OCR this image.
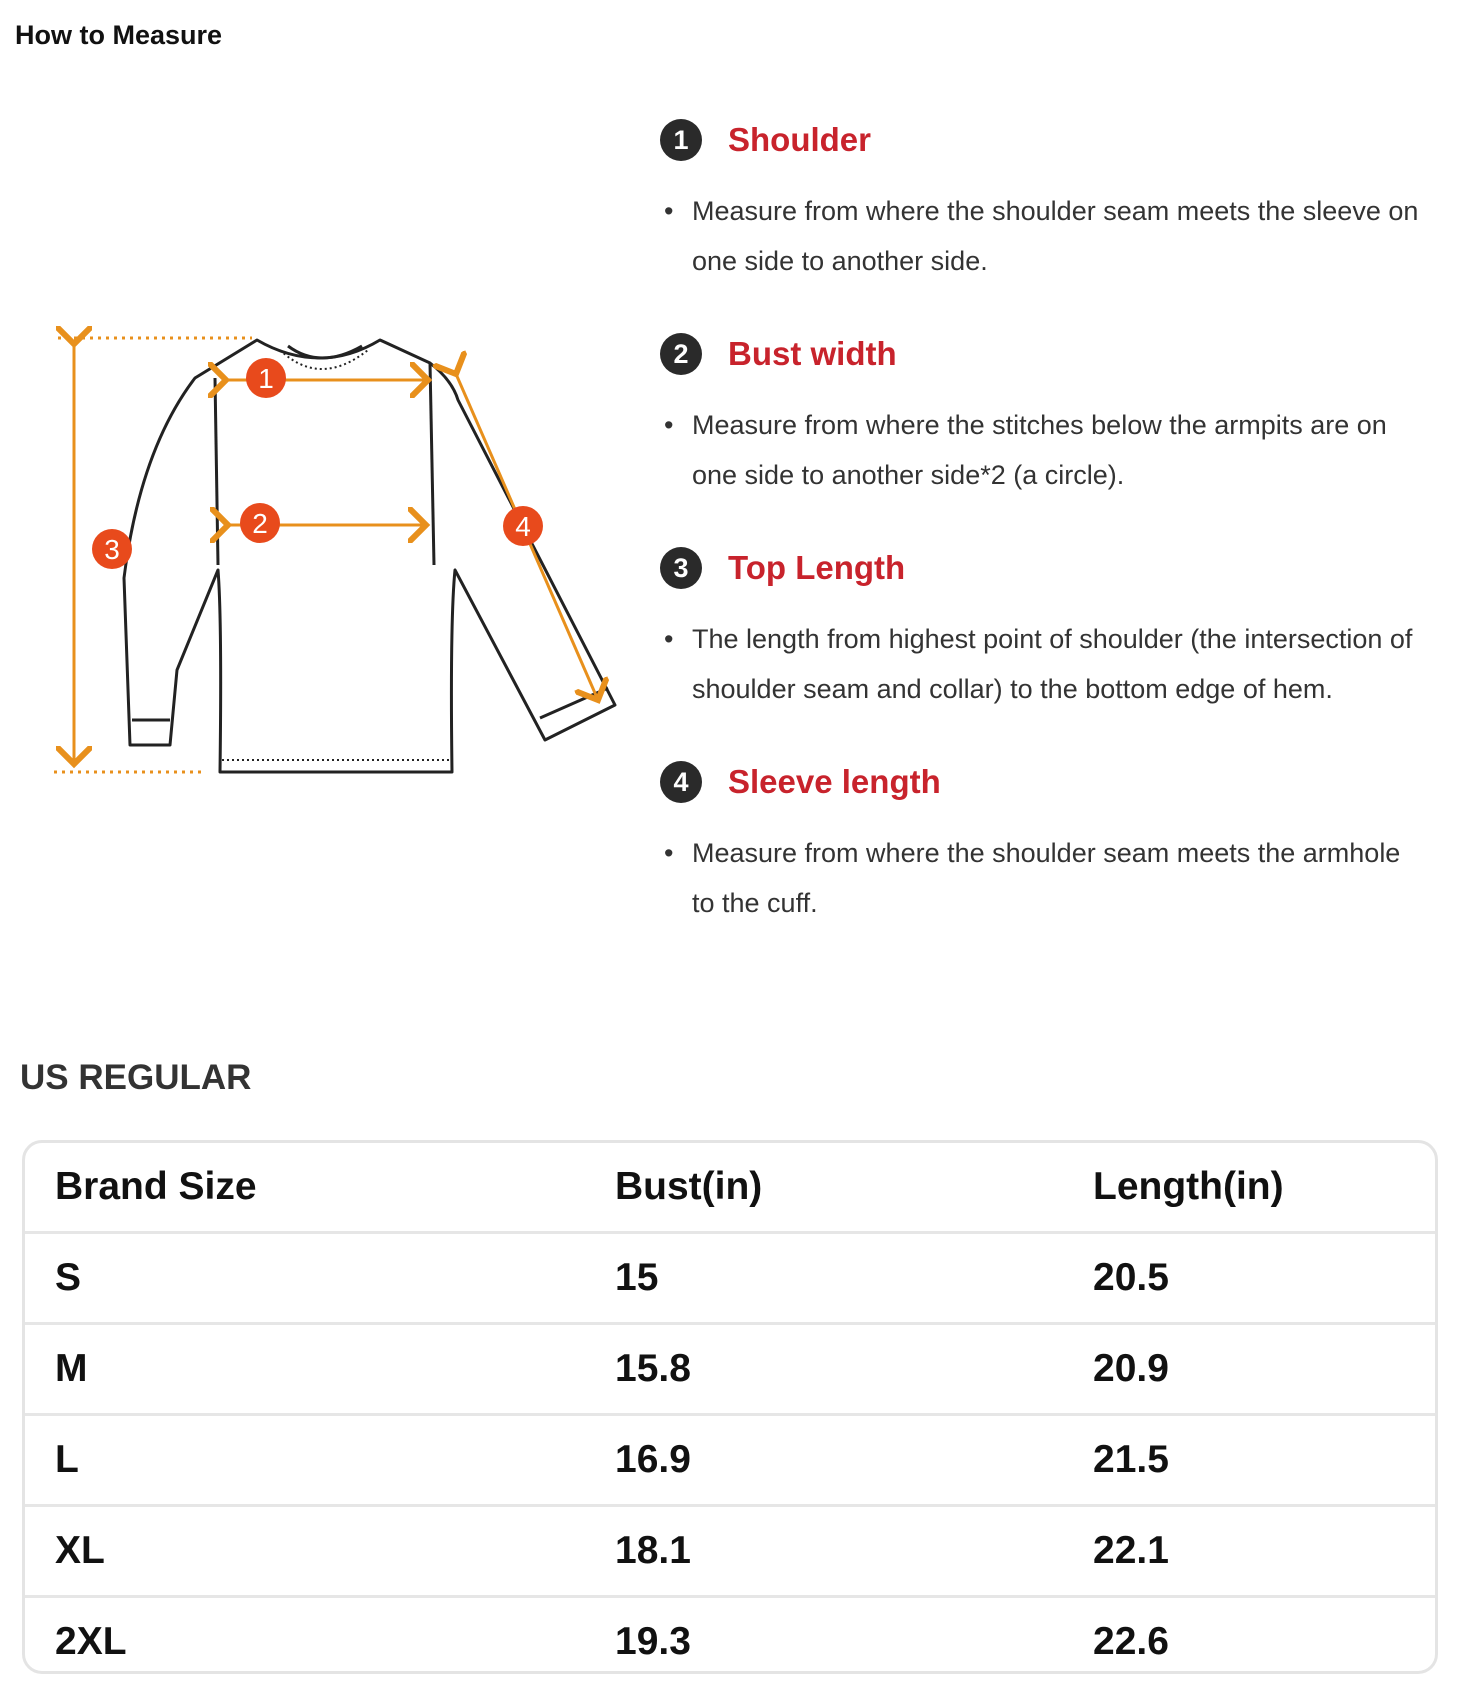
How to Measure
1
2
3
4
1	Shoulder
• Measure from where the shoulder seam meets the sleeve on one side to another side.
2	Bust width
• Measure from where the stitches below the armpits are on one side to another side*2 (a circle).
3	Top Length
• The length from highest point of shoulder (the intersection of shoulder seam and collar) to the bottom edge of hem.
4	Sleeve length
• Measure from where the shoulder seam meets the armhole to the cuff.
US REGULAR
Brand Size	Bust(in)	Length(in)
S	15	20.5
M	15.8	20.9
L	16.9	21.5
XL	18.1	22.1
2XL	19.3	22.6
